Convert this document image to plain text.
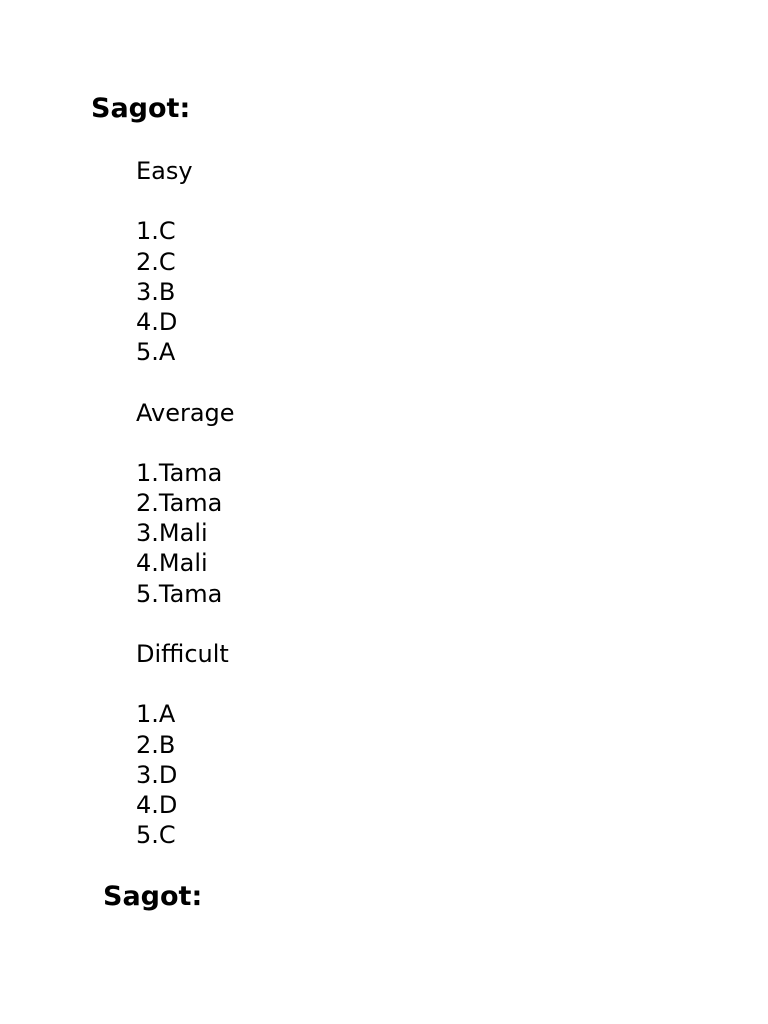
Sagot:
Easy
1.C
2.C
3.B
4.D
5.A
Average
1.Tama
2.Tama
3.Mali
4.Mali
5.Tama
Difficult
1.A
2.B
3.D
4.D
5.C
Sagot:
